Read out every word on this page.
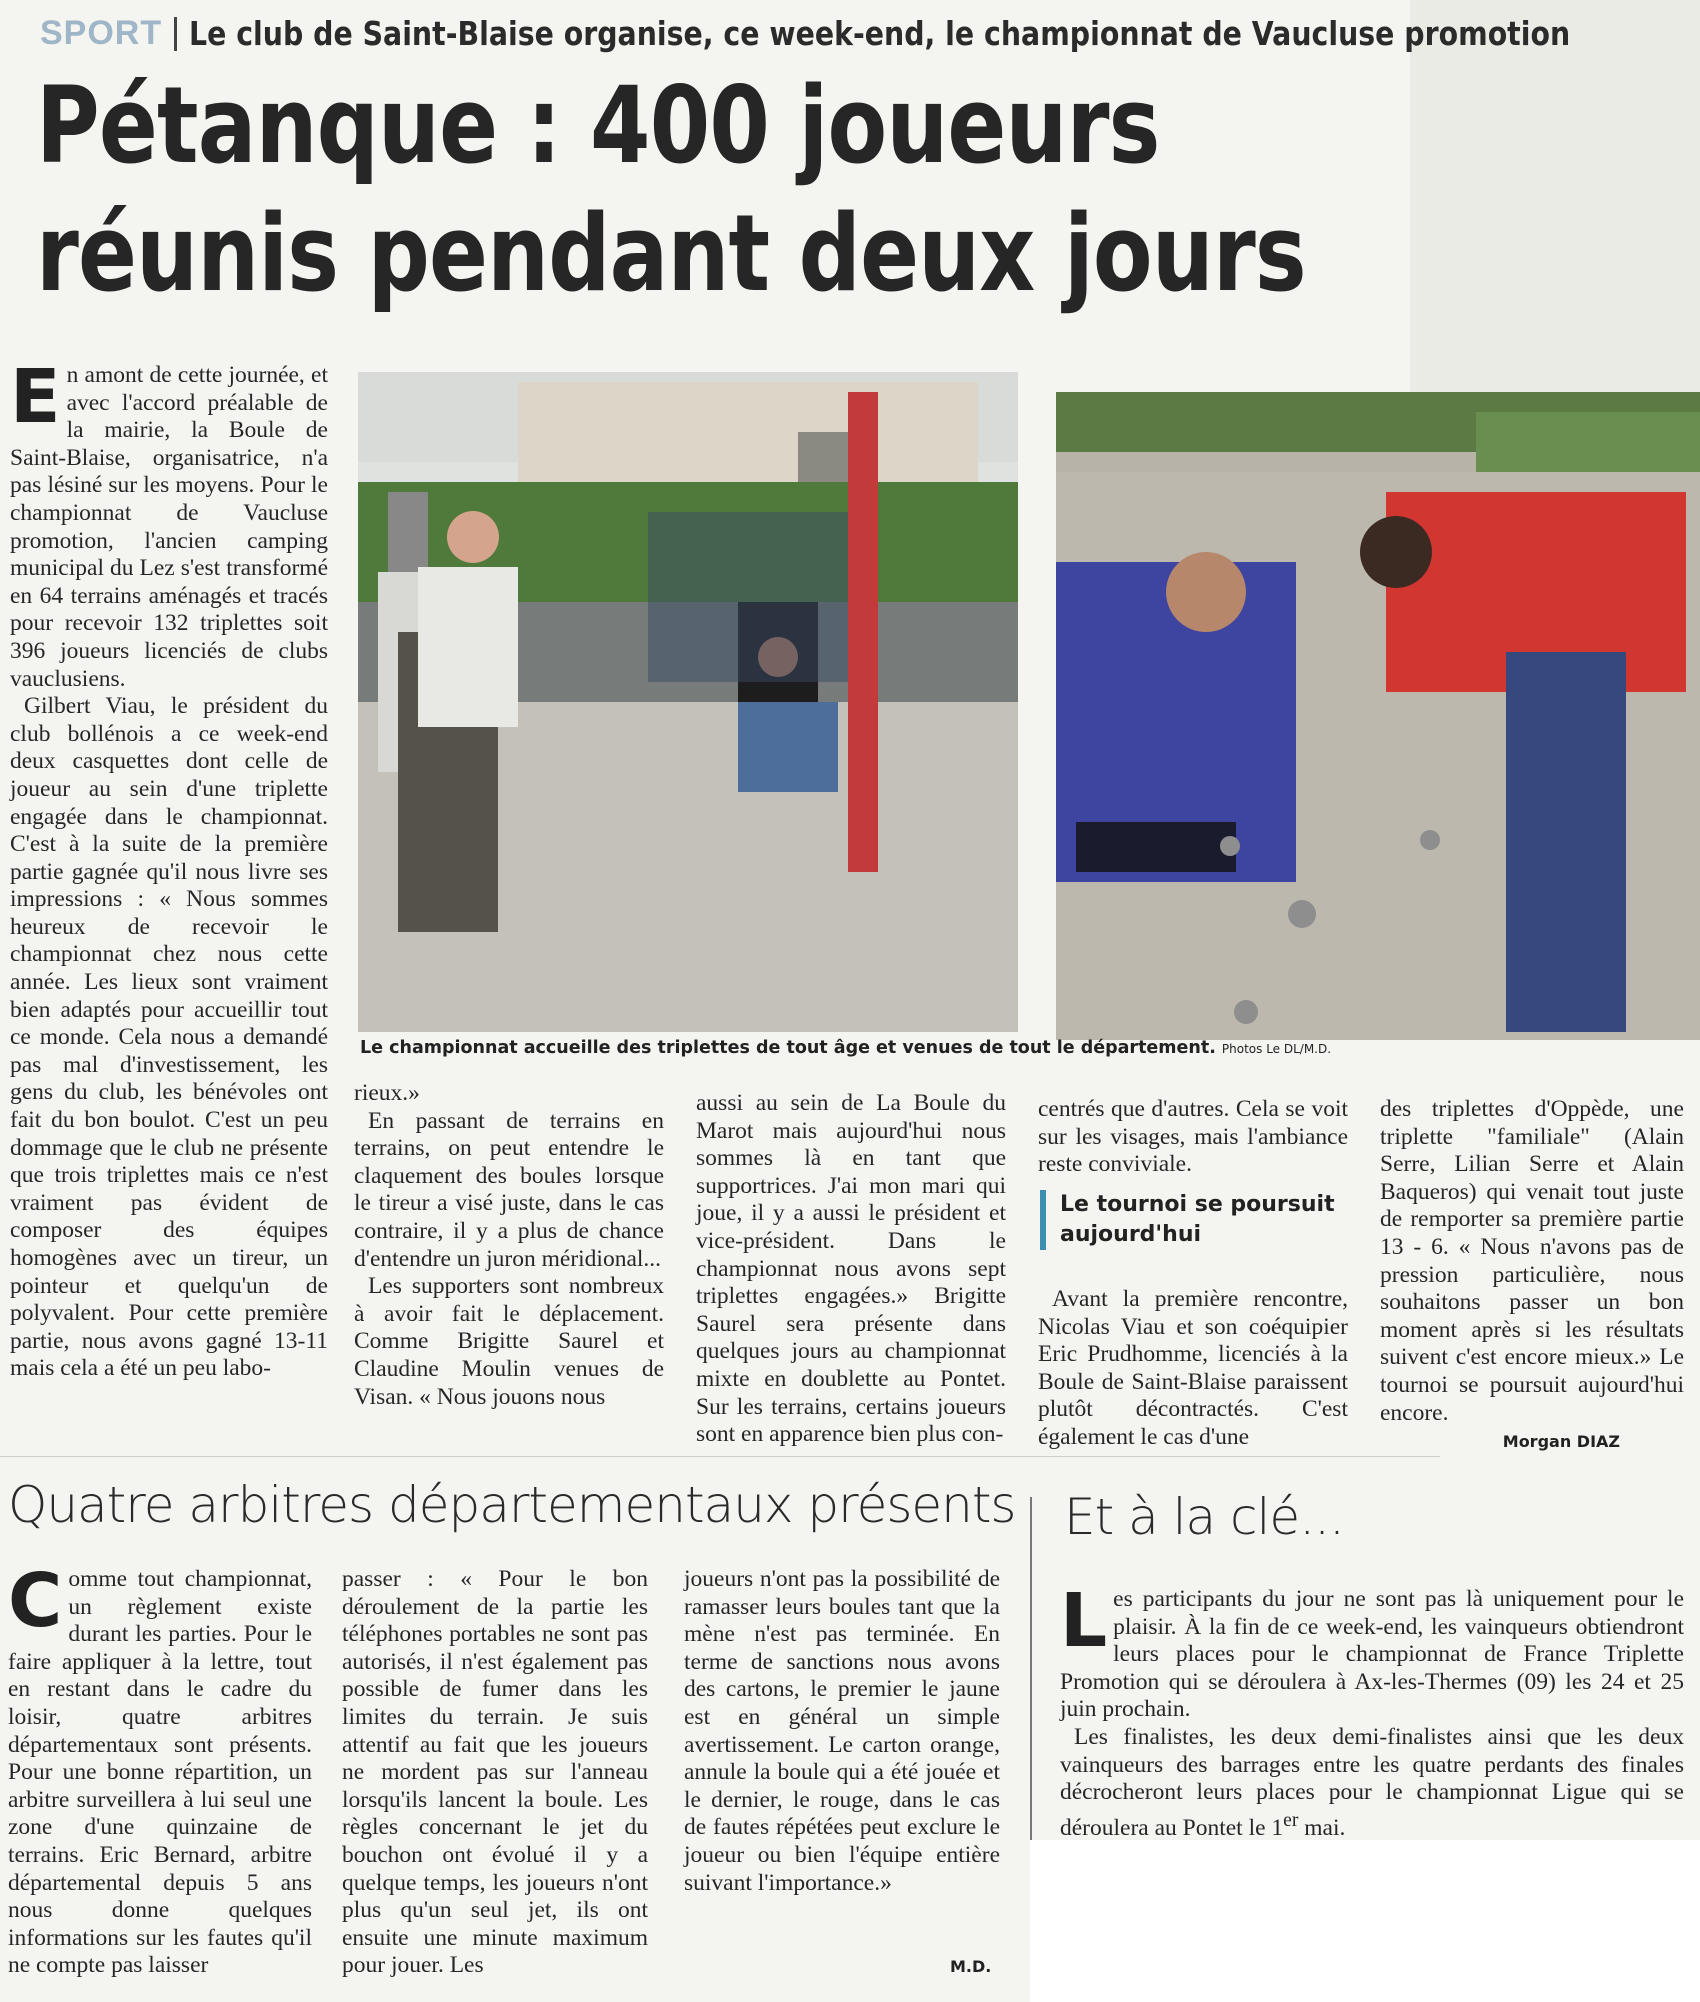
SPORT Le club de Saint-Blaise organise, ce week-end, le championnat de Vaucluse promotion
Pétanque : 400 joueurs
réunis pendant deux jours

En amont de cette journée, et avec l'accord préalable de la mairie, la Boule de Saint-Blaise, organisatrice, n'a pas lésiné sur les moyens. Pour le championnat de Vaucluse promotion, l'ancien camping municipal du Lez s'est transformé en 64 terrains aménagés et tracés pour recevoir 132 triplettes soit 396 joueurs licenciés de clubs vauclusiens.

Gilbert Viau, le président du club bollénois a ce week-end deux casquettes dont celle de joueur au sein d'une triplette engagée dans le championnat. C'est à la suite de la première partie gagnée qu'il nous livre ses impressions : « Nous sommes heureux de recevoir le championnat chez nous cette année. Les lieux sont vraiment bien adaptés pour accueillir tout ce monde. Cela nous a demandé pas mal d'investissement, les gens du club, les bénévoles ont fait du bon boulot. C'est un peu dommage que le club ne présente que trois triplettes mais ce n'est vraiment pas évident de composer des équipes homogènes avec un tireur, un pointeur et quelqu'un de polyvalent. Pour cette première partie, nous avons gagné 13-11 mais cela a été un peu labo-

Le championnat accueille des triplettes de tout âge et venues de tout le département. Photos Le DL/M.D.

rieux.»

En passant de terrains en terrains, on peut entendre le claquement des boules lorsque le tireur a visé juste, dans le cas contraire, il y a plus de chance d'entendre un juron méridional...

Les supporters sont nombreux à avoir fait le déplacement. Comme Brigitte Saurel et Claudine Moulin venues de Visan. « Nous jouons nous

aussi au sein de La Boule du Marot mais aujourd'hui nous sommes là en tant que supportrices. J'ai mon mari qui joue, il y a aussi le président et vice-président. Dans le championnat nous avons sept triplettes engagées.» Brigitte Saurel sera présente dans quelques jours au championnat mixte en doublette au Pontet. Sur les terrains, certains joueurs sont en apparence bien plus con-

centrés que d'autres. Cela se voit sur les visages, mais l'ambiance reste conviviale.

Le tournoi se poursuit aujourd'hui

Avant la première rencontre, Nicolas Viau et son coéquipier Eric Prudhomme, licenciés à la Boule de Saint-Blaise paraissent plutôt décontractés. C'est également le cas d'une

des triplettes d'Oppède, une triplette "familiale" (Alain Serre, Lilian Serre et Alain Baqueros) qui venait tout juste de remporter sa première partie 13 - 6. « Nous n'avons pas de pression particulière, nous souhaitons passer un bon moment après si les résultats suivent c'est encore mieux.» Le tournoi se poursuit aujourd'hui encore.

Morgan DIAZ
Quatre arbitres départementaux présents

Comme tout championnat, un règlement existe durant les parties. Pour le faire appliquer à la lettre, tout en restant dans le cadre du loisir, quatre arbitres départementaux sont présents. Pour une bonne répartition, un arbitre surveillera à lui seul une zone d'une quinzaine de terrains. Eric Bernard, arbitre départemental depuis 5 ans nous donne quelques informations sur les fautes qu'il ne compte pas laisser

passer : « Pour le bon déroulement de la partie les téléphones portables ne sont pas autorisés, il n'est également pas possible de fumer dans les limites du terrain. Je suis attentif au fait que les joueurs ne mordent pas sur l'anneau lorsqu'ils lancent la boule. Les règles concernant le jet du bouchon ont évolué il y a quelque temps, les joueurs n'ont plus qu'un seul jet, ils ont ensuite une minute maximum pour jouer. Les

joueurs n'ont pas la possibilité de ramasser leurs boules tant que la mène n'est pas terminée. En terme de sanctions nous avons des cartons, le premier le jaune est en général un simple avertissement. Le carton orange, annule la boule qui a été jouée et le dernier, le rouge, dans le cas de fautes répétées peut exclure le joueur ou bien l'équipe entière suivant l'importance.»

M.D.
Et à la clé...

Les participants du jour ne sont pas là uniquement pour le plaisir. À la fin de ce week-end, les vainqueurs obtiendront leurs places pour le championnat de France Triplette Promotion qui se déroulera à Ax-les-Thermes (09) les 24 et 25 juin prochain.

Les finalistes, les deux demi-finalistes ainsi que les deux vainqueurs des barrages entre les quatre perdants des finales décrocheront leurs places pour le championnat Ligue qui se déroulera au Pontet le 1er mai.
